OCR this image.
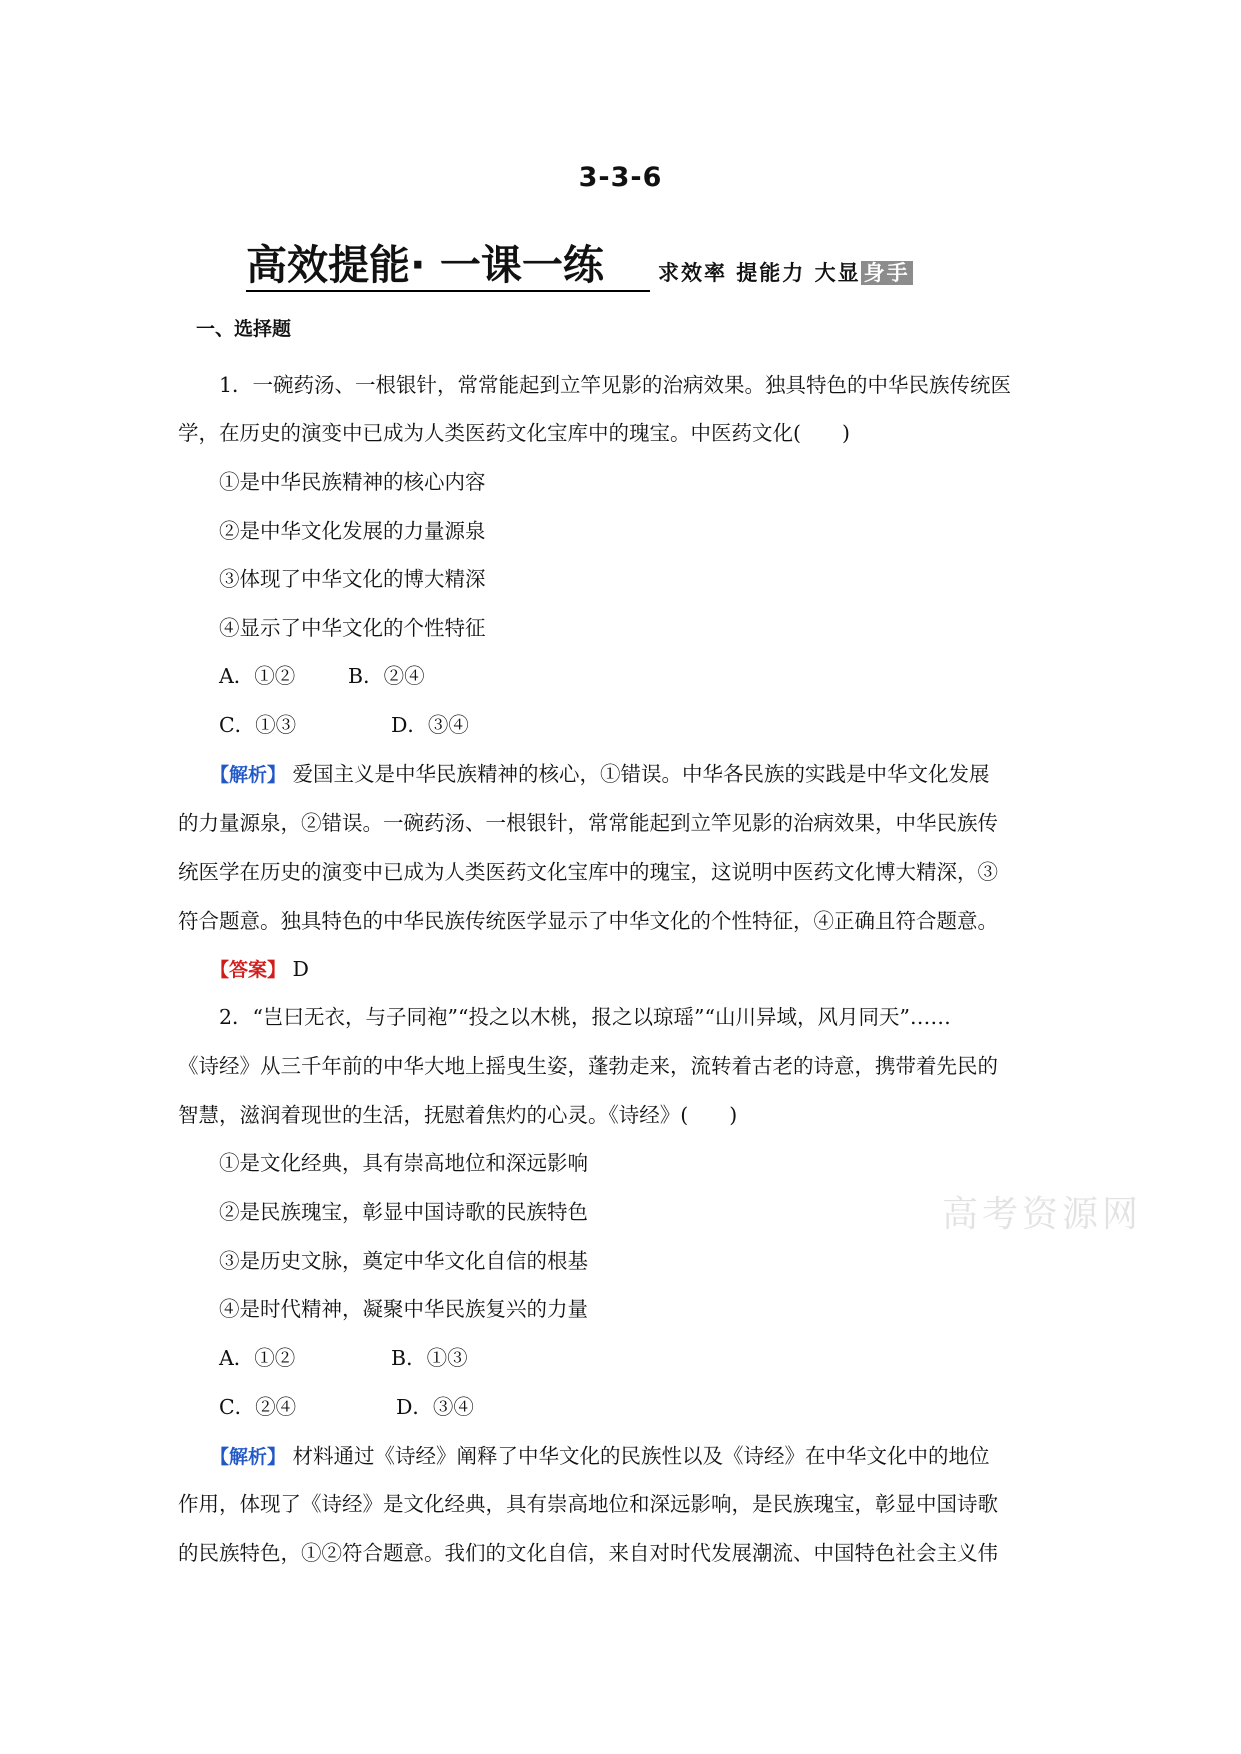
3-3-6
高效提能· 一课一练	求效率 提能力 大显 身手
一、选择题
1．一碗药汤、一根银针，常常能起到立竿见影的治病效果。独具特色的中华民族传统医
学，在历史的演变中已成为人类医药文化宝库中的瑰宝。中医药文化(　　)
①是中华民族精神的核心内容
②是中华文化发展的力量源泉
③体现了中华文化的博大精深
④显示了中华文化的个性特征
A．①②	B．②④
C．①③	D．③④
【解析】 爱国主义是中华民族精神的核心，①错误。中华各民族的实践是中华文化发展
的力量源泉，②错误。一碗药汤、一根银针，常常能起到立竿见影的治病效果，中华民族传
统医学在历史的演变中已成为人类医药文化宝库中的瑰宝，这说明中医药文化博大精深，③
符合题意。独具特色的中华民族传统医学显示了中华文化的个性特征，④正确且符合题意。
【答案】 D
2．“岂曰无衣，与子同袍”“投之以木桃，报之以琼瑶”“山川异域，风月同天”……
《诗经》从三千年前的中华大地上摇曳生姿，蓬勃走来，流转着古老的诗意，携带着先民的
智慧，滋润着现世的生活，抚慰着焦灼的心灵。《诗经》(　　)
①是文化经典，具有崇高地位和深远影响
②是民族瑰宝，彰显中国诗歌的民族特色
③是历史文脉，奠定中华文化自信的根基
④是时代精神，凝聚中华民族复兴的力量
A．①②	B．①③
C．②④	D．③④
【解析】 材料通过《诗经》阐释了中华文化的民族性以及《诗经》在中华文化中的地位
作用，体现了《诗经》是文化经典，具有崇高地位和深远影响，是民族瑰宝，彰显中国诗歌
的民族特色，①②符合题意。我们的文化自信，来自对时代发展潮流、中国特色社会主义伟
高考资源网
